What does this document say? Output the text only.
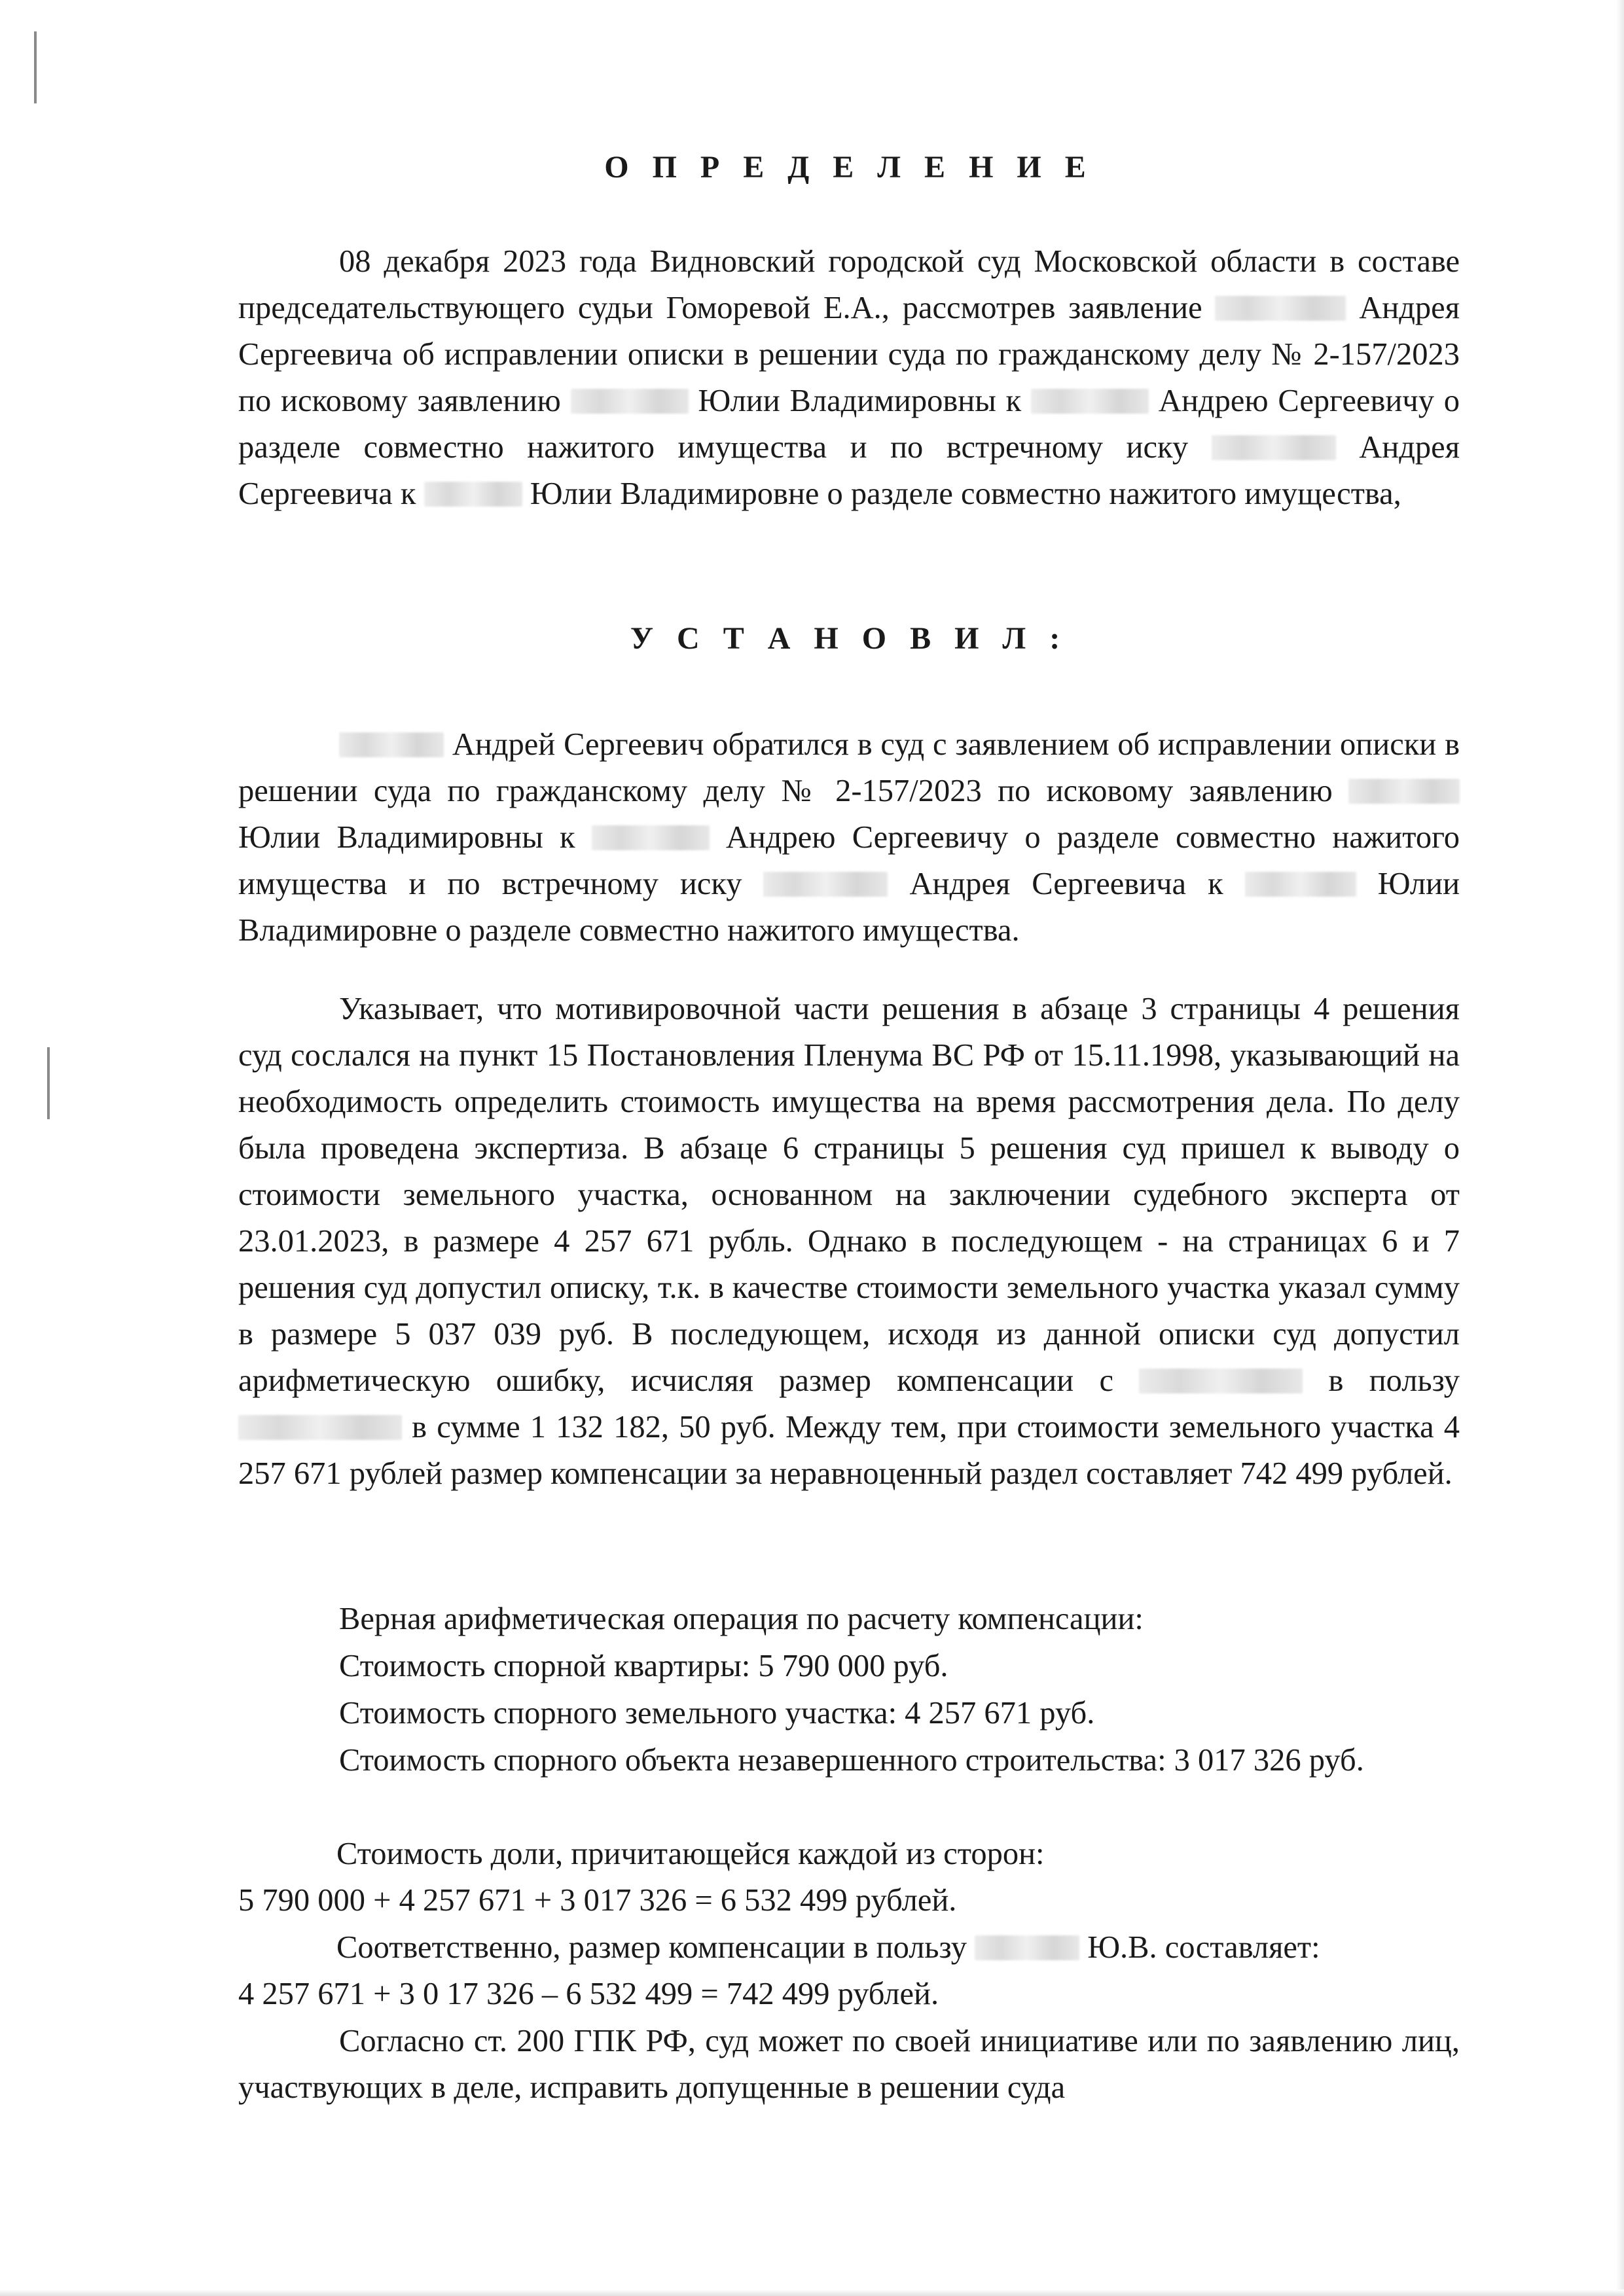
О П Р Е Д Е Л Е Н И Е

08 декабря 2023 года Видновский городской суд Московской области в составе председательствующего судьи Гоморевой Е.А., рассмотрев заявление	Андрея Сергеевича об исправлении описки в решении суда по гражданскому делу № 2-157/2023 по исковому заявлению	Юлии Владимировны к	Андрею Сергеевичу о разделе совместно нажитого имущества и по встречному иску	Андрея Сергеевича к	Юлии Владимировне о разделе совместно нажитого имущества,

У С Т А Н О В И Л :

Андрей Сергеевич обратился в суд с заявлением об исправлении описки в решении суда по гражданскому делу № 2-157/2023 по исковому заявлению  Юлии Владимировны к	Андрею Сергеевичу о разделе совместно нажитого имущества и по встречному иску	Андрея Сергеевича к	Юлии Владимировне о разделе совместно нажитого имущества.

Указывает, что мотивировочной части решения в абзаце 3 страницы 4 решения суд сослался на пункт 15 Постановления Пленума ВС РФ от 15.11.1998, указывающий на необходимость определить стоимость имущества на время рассмотрения дела. По делу была проведена экспертиза. В абзаце 6 страницы 5 решения суд пришел к выводу о стоимости земельного участка, основанном на заключении судебного эксперта от 23.01.2023, в размере 4 257 671 рубль. Однако в последующем - на страницах 6 и 7 решения суд допустил описку, т.к. в качестве стоимости земельного участка указал сумму в размере 5 037 039 руб. В последующем, исходя из данной описки суд допустил арифметическую ошибку, исчисляя размер компенсации с	в пользу  в сумме 1 132 182, 50 руб. Между тем, при стоимости земельного участка 4 257 671 рублей размер компенсации за неравноценный раздел составляет 742 499 рублей.

Верная арифметическая операция по расчету компенсации:

Стоимость спорной квартиры: 5 790 000 руб.

Стоимость спорного земельного участка: 4 257 671 руб.

Стоимость спорного объекта незавершенного строительства: 3 017 326 руб.

Стоимость доли, причитающейся каждой из сторон:

5 790 000 + 4 257 671 + 3 017 326 = 6 532 499 рублей.

Соответственно, размер компенсации в пользу	Ю.В. составляет:

4 257 671 + 3 0 17 326 – 6 532 499 = 742 499 рублей.

Согласно ст. 200 ГПК РФ, суд может по своей инициативе или по заявлению лиц, участвующих в деле, исправить допущенные в решении суда
